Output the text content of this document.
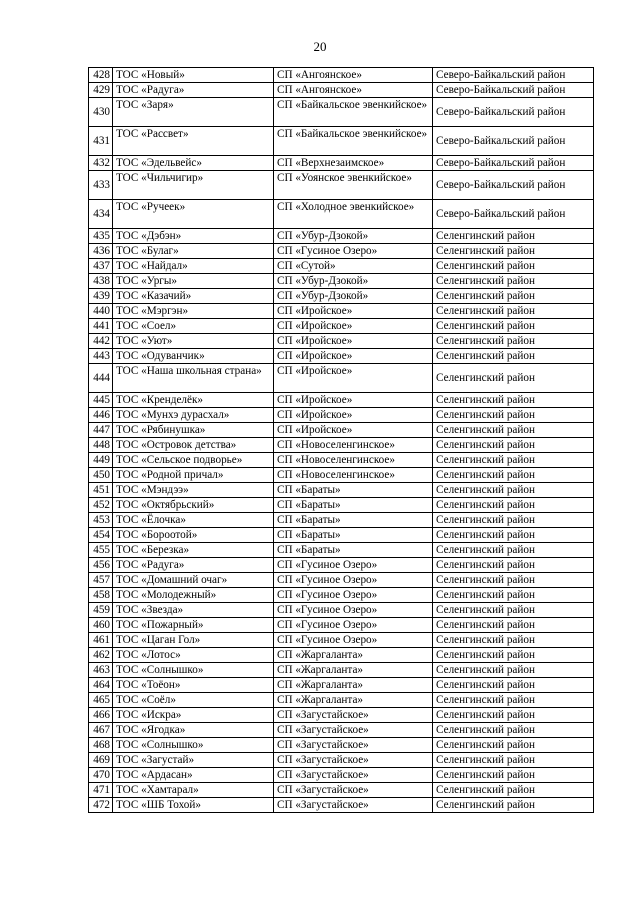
20
428	ТОС «Новый»	СП «Ангоянское»	Северо-Байкальский район
429	ТОС «Радуга»	СП «Ангоянское»	Северо-Байкальский район
430	ТОС «Заря»	СП «Байкальское эвенкийское»	Северо-Байкальский район
431	ТОС «Рассвет»	СП «Байкальское эвенкийское»	Северо-Байкальский район
432	ТОС «Эдельвейс»	СП «Верхнезаимское»	Северо-Байкальский район
433	ТОС «Чильчигир»	СП «Уоянское эвенкийское»	Северо-Байкальский район
434	ТОС «Ручеек»	СП «Холодное эвенкийское»	Северо-Байкальский район
435	ТОС «Дэбэн»	СП «Убур-Дзокой»	Селенгинский район
436	ТОС «Булаг»	СП «Гусиное Озеро»	Селенгинский район
437	ТОС «Найдал»	СП «Сутой»	Селенгинский район
438	ТОС «Ургы»	СП «Убур-Дзокой»	Селенгинский район
439	ТОС «Казачий»	СП «Убур-Дзокой»	Селенгинский район
440	ТОС «Мэргэн»	СП «Иройское»	Селенгинский район
441	ТОС «Соел»	СП «Иройское»	Селенгинский район
442	ТОС «Уют»	СП «Иройское»	Селенгинский район
443	ТОС «Одуванчик»	СП «Иройское»	Селенгинский район
444	ТОС «Наша школьная страна»	СП «Иройское»	Селенгинский район
445	ТОС «Кренделёк»	СП «Иройское»	Селенгинский район
446	ТОС «Мунхэ дурасхал»	СП «Иройское»	Селенгинский район
447	ТОС «Рябинушка»	СП «Иройское»	Селенгинский район
448	ТОС «Островок детства»	СП «Новоселенгинское»	Селенгинский район
449	ТОС «Сельское подворье»	СП «Новоселенгинское»	Селенгинский район
450	ТОС «Родной причал»	СП «Новоселенгинское»	Селенгинский район
451	ТОС «Мэндээ»	СП «Бараты»	Селенгинский район
452	ТОС «Октябрьский»	СП «Бараты»	Селенгинский район
453	ТОС «Ёлочка»	СП «Бараты»	Селенгинский район
454	ТОС «Бороотой»	СП «Бараты»	Селенгинский район
455	ТОС «Березка»	СП «Бараты»	Селенгинский район
456	ТОС «Радуга»	СП «Гусиное Озеро»	Селенгинский район
457	ТОС «Домашний очаг»	СП «Гусиное Озеро»	Селенгинский район
458	ТОС «Молодежный»	СП «Гусиное Озеро»	Селенгинский район
459	ТОС «Звезда»	СП «Гусиное Озеро»	Селенгинский район
460	ТОС «Пожарный»	СП «Гусиное Озеро»	Селенгинский район
461	ТОС «Цаган Гол»	СП «Гусиное Озеро»	Селенгинский район
462	ТОС «Лотос»	СП «Жаргаланта»	Селенгинский район
463	ТОС «Солнышко»	СП «Жаргаланта»	Селенгинский район
464	ТОС «Тоёон»	СП «Жаргаланта»	Селенгинский район
465	ТОС «Соёл»	СП «Жаргаланта»	Селенгинский район
466	ТОС «Искра»	СП «Загустайское»	Селенгинский район
467	ТОС «Ягодка»	СП «Загустайское»	Селенгинский район
468	ТОС «Солнышко»	СП «Загустайское»	Селенгинский район
469	ТОС «Загустай»	СП «Загустайское»	Селенгинский район
470	ТОС «Ардасан»	СП «Загустайское»	Селенгинский район
471	ТОС «Хамтарал»	СП «Загустайское»	Селенгинский район
472	ТОС «ШБ Тохой»	СП «Загустайское»	Селенгинский район
